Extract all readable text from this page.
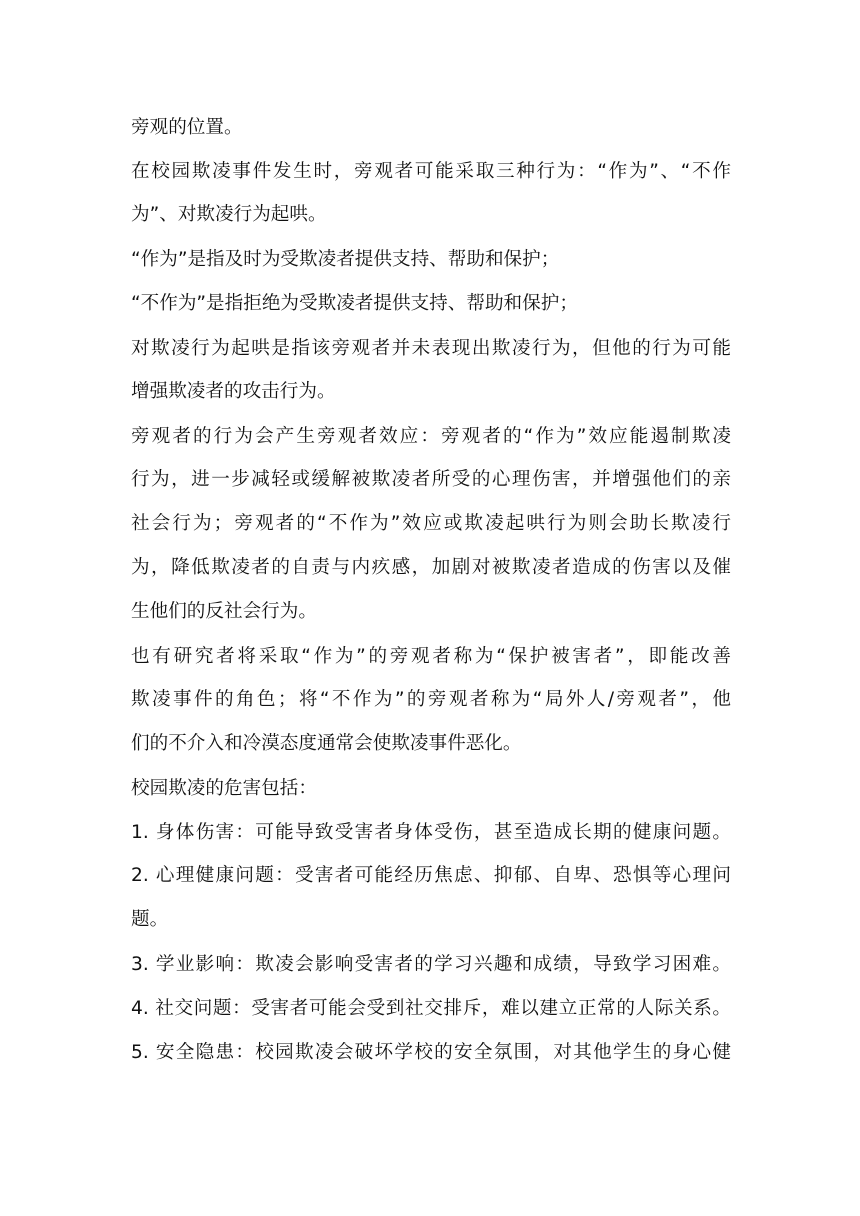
旁观的位置。
在校园欺凌事件发生时，旁观者可能采取三种行为：“作为”、“不作
为”、对欺凌行为起哄。
“作为”是指及时为受欺凌者提供支持、帮助和保护；
“不作为”是指拒绝为受欺凌者提供支持、帮助和保护；
对欺凌行为起哄是指该旁观者并未表现出欺凌行为，但他的行为可能
增强欺凌者的攻击行为。
旁观者的行为会产生旁观者效应：旁观者的“作为”效应能遏制欺凌
行为，进一步减轻或缓解被欺凌者所受的心理伤害，并增强他们的亲
社会行为；旁观者的“不作为”效应或欺凌起哄行为则会助长欺凌行
为，降低欺凌者的自责与内疚感，加剧对被欺凌者造成的伤害以及催
生他们的反社会行为。
也有研究者将采取“作为”的旁观者称为“保护被害者”，即能改善
欺凌事件的角色；将“不作为”的旁观者称为“局外人/旁观者”，他
们的不介入和冷漠态度通常会使欺凌事件恶化。
校园欺凌的危害包括：
1. 身体伤害：可能导致受害者身体受伤，甚至造成长期的健康问题。
2. 心理健康问题：受害者可能经历焦虑、抑郁、自卑、恐惧等心理问
题。
3. 学业影响：欺凌会影响受害者的学习兴趣和成绩，导致学习困难。
4. 社交问题：受害者可能会受到社交排斥，难以建立正常的人际关系。
5. 安全隐患：校园欺凌会破坏学校的安全氛围，对其他学生的身心健
